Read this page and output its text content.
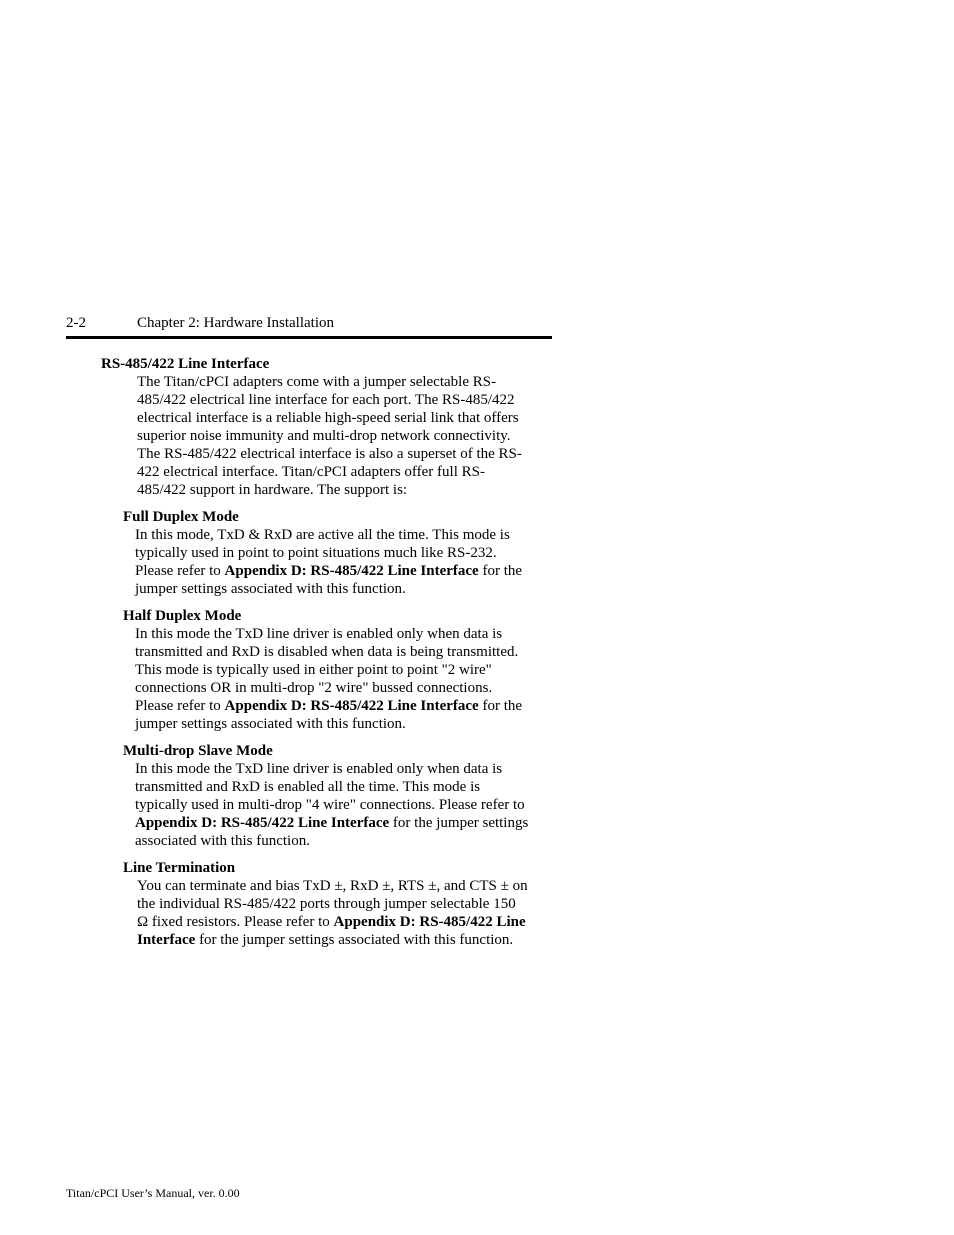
2-2	Chapter 2: Hardware Installation
RS-485/422 Line Interface
The Titan/cPCI adapters come with a jumper selectable RS-
485/422 electrical line interface for each port. The RS-485/422
electrical interface is a reliable high-speed serial link that offers
superior noise immunity and multi-drop network connectivity.
The RS-485/422 electrical interface is also a superset of the RS-
422 electrical interface. Titan/cPCI adapters offer full RS-
485/422 support in hardware. The support is:
Full Duplex Mode
In this mode, TxD & RxD are active all the time. This mode is
typically used in point to point situations much like RS-232.
Please refer to Appendix D: RS-485/422 Line Interface for the
jumper settings associated with this function.
Half Duplex Mode
In this mode the TxD line driver is enabled only when data is
transmitted and RxD is disabled when data is being transmitted.
This mode is typically used in either point to point "2 wire"
connections OR in multi-drop "2 wire" bussed connections.
Please refer to Appendix D: RS-485/422 Line Interface for the
jumper settings associated with this function.
Multi-drop Slave Mode
In this mode the TxD line driver is enabled only when data is
transmitted and RxD is enabled all the time. This mode is
typically used in multi-drop "4 wire" connections. Please refer to
Appendix D: RS-485/422 Line Interface for the jumper settings
associated with this function.
Line Termination
You can terminate and bias TxD ±, RxD ±, RTS ±, and CTS ± on
the individual RS-485/422 ports through jumper selectable 150
Ω fixed resistors. Please refer to Appendix D: RS-485/422 Line
Interface for the jumper settings associated with this function.
Titan/cPCI User’s Manual, ver. 0.00
